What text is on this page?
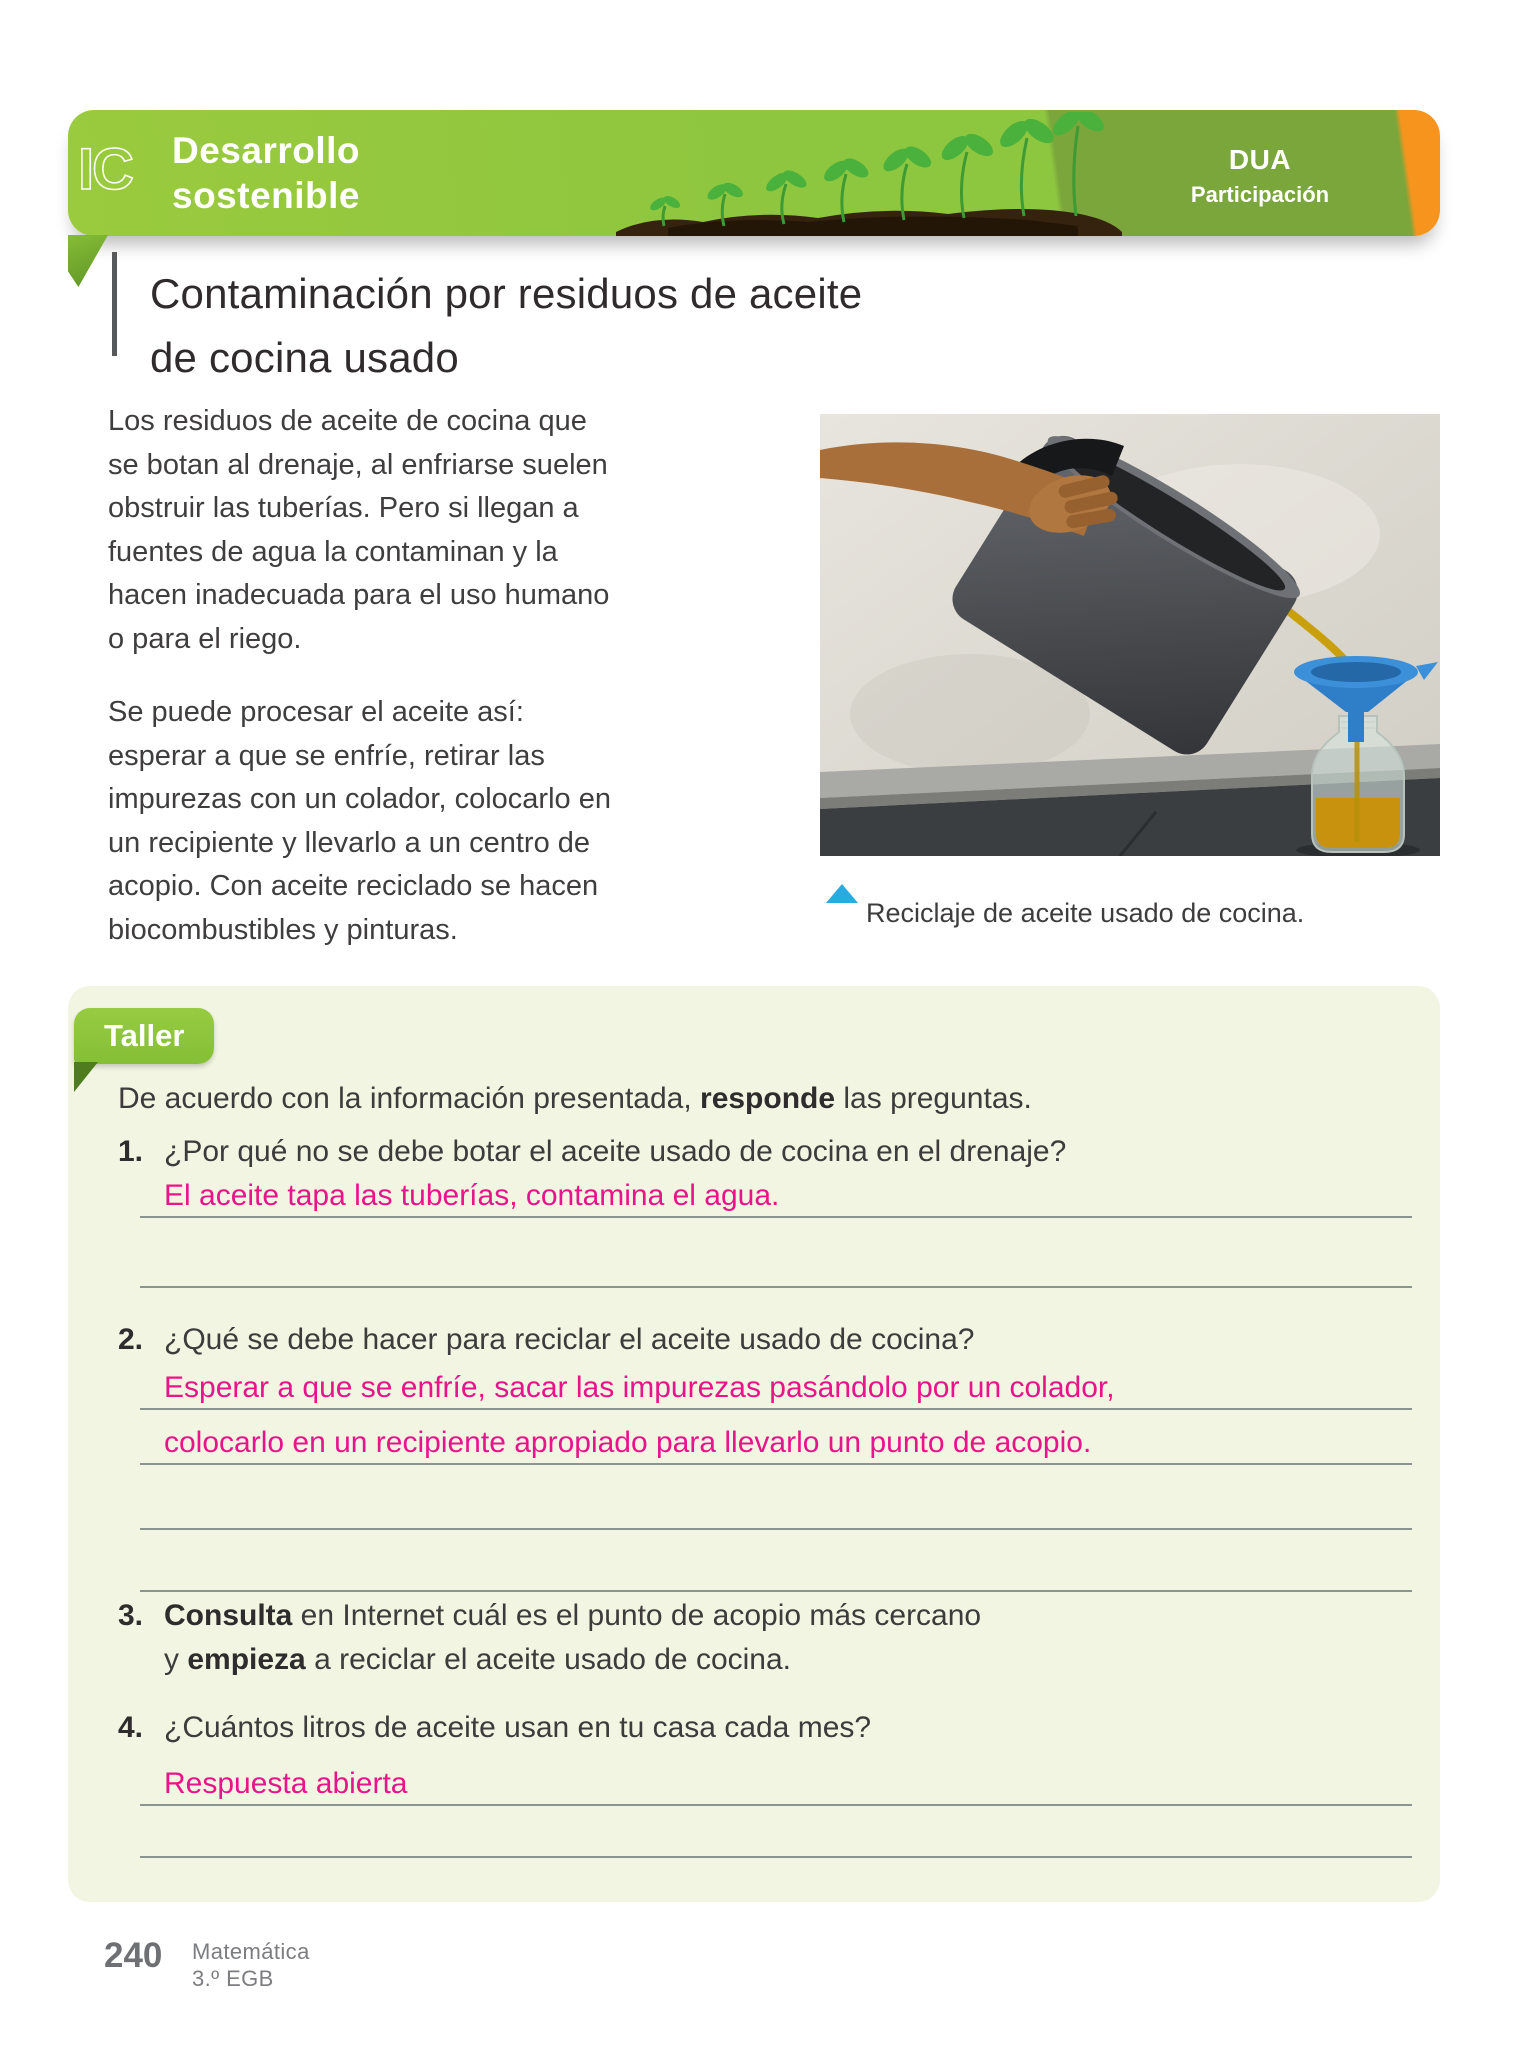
IC Desarrollo
sostenible
DUA
Participación
Contaminación por residuos de aceite
de cocina usado

Los residuos de aceite de cocina que se botan al drenaje, al enfriarse suelen obstruir las tuberías. Pero si llegan a fuentes de agua la contaminan y la hacen inadecuada para el uso humano o para el riego.

Se puede procesar el aceite así: esperar a que se enfríe, retirar las impurezas con un colador, colocarlo en un recipiente y llevarlo a un centro de acopio. Con aceite reciclado se hacen biocombustibles y pinturas.

Reciclaje de aceite usado de cocina.
Taller

De acuerdo con la información presentada, responde las preguntas.

1. ¿Por qué no se debe botar el aceite usado de cocina en el drenaje?
El aceite tapa las tuberías, contamina el agua.
2. ¿Qué se debe hacer para reciclar el aceite usado de cocina?
Esperar a que se enfríe, sacar las impurezas pasándolo por un colador,
colocarlo en un recipiente apropiado para llevarlo un punto de acopio.
3. Consulta en Internet cuál es el punto de acopio más cercano
y empieza a reciclar el aceite usado de cocina.
4. ¿Cuántos litros de aceite usan en tu casa cada mes?
Respuesta abierta
240 Matemática
3.º EGB
